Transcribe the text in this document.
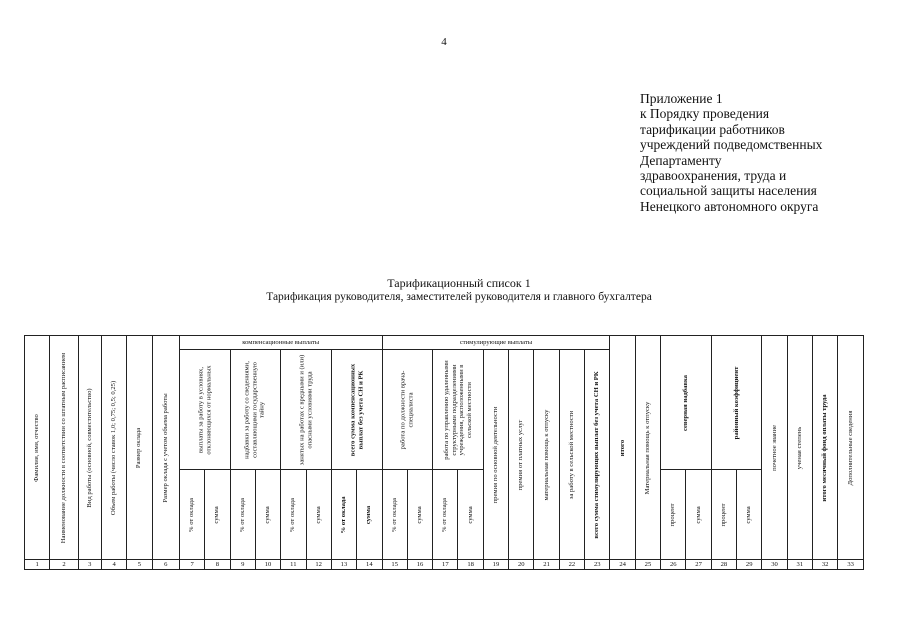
4
Приложение 1
к Порядку проведения
тарификации работников
учреждений подведомственных
Департаменту
здравоохранения, труда и
социальной защиты населения
Ненецкого автономного округа
Тарификационный список 1
Тарификация руководителя, заместителей руководителя и главного бухгалтера
Фамилия, имя, отчество	Наименование должности в соответствии со штатным расписанием	Вид работы (основной, совместительство)	Объем работы (число ставок 1,0; 0,75; 0,5; 0,25)	Размер оклада	Размер оклада с учетом объема работы	компенсационные выплаты								стимулирующие выплаты									итого	Материальная помощь к отпуску	северная надбавка		районный коэффициент		почетное звание	ученая степень	итого месячный фонд оплаты труда	Дополнительные сведения

						выплаты за работу в условиях, отклоняющихся от нормальных		надбавки за работу со сведениями, составляющими государственную тайну		занятых на работах с вредными и (или) опасными условиями труда		всего сумма компенсационных выплат без учета СН и РК		работа по должности врача-специалиста		работа по управлению удаленными структурными подразделениями учреждения, расположенными в сельской местности		премия по основной деятельности	премия от платных услуг	материальная помощь к отпуску	за работу в сельской местности	всего сумма стимулирующих выплат без учета СН и РК										

						% от оклада	сумма	% от оклада	сумма	% от оклада	сумма	% от оклада	сумма	% от оклада	сумма	% от оклада	сумма								процент	сумма	процент	сумма				

1	2	3	4	5	6	7	8	9	10	11	12	13	14	15	16	17	18	19	20	21	22	23	24	25	26	27	28	29	30	31	32	33
